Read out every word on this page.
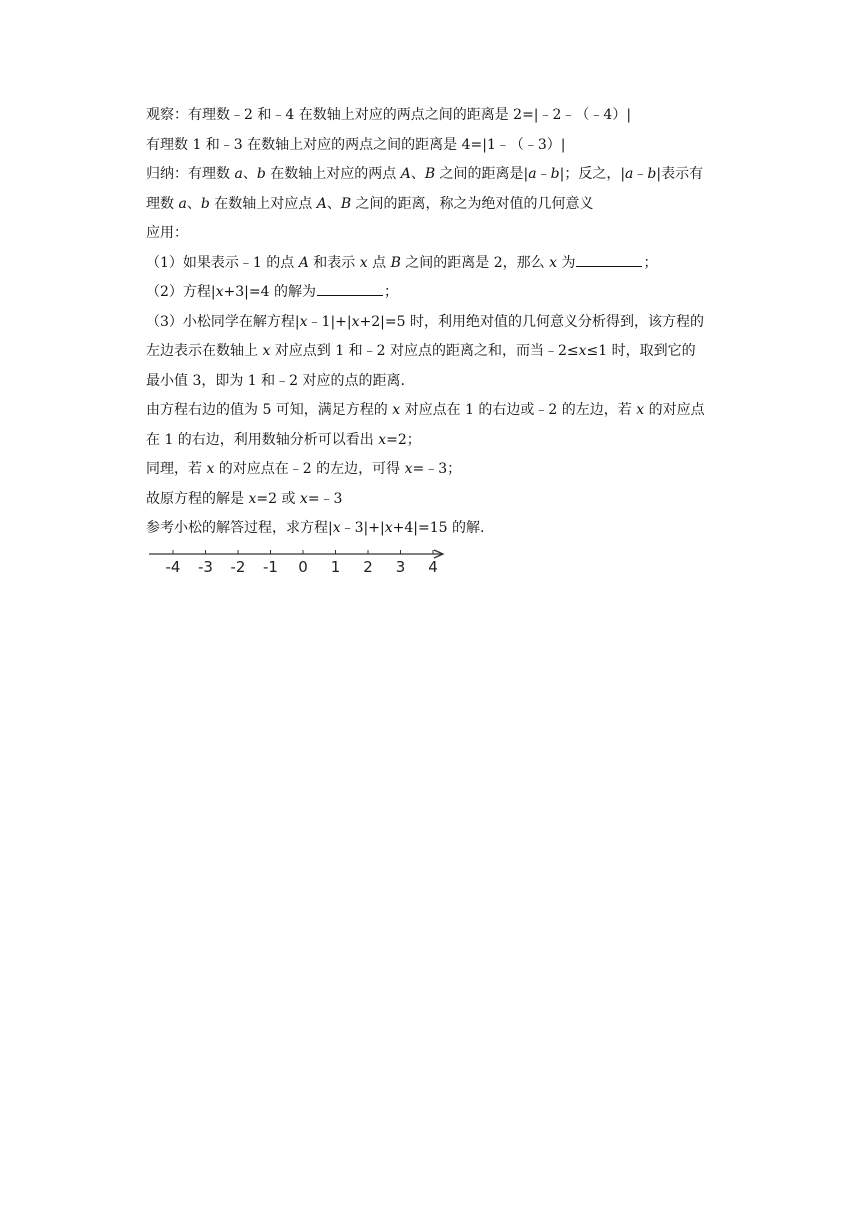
观察：有理数﹣2 和﹣4 在数轴上对应的两点之间的距离是 2=|﹣2﹣（﹣4）|
有理数 1 和﹣3 在数轴上对应的两点之间的距离是 4=|1﹣（﹣3）|
归纳：有理数 a、b 在数轴上对应的两点 A、B 之间的距离是|a﹣b|；反之，|a﹣b|表示有
理数 a、b 在数轴上对应点 A、B 之间的距离，称之为绝对值的几何意义
应用：
（1）如果表示﹣1 的点 A 和表示 x 点 B 之间的距离是 2，那么 x 为	；
（2）方程|x+3|=4 的解为	；
（3）小松同学在解方程|x﹣1|+|x+2|=5 时，利用绝对值的几何意义分析得到，该方程的
左边表示在数轴上 x 对应点到 1 和﹣2 对应点的距离之和，而当﹣2≤x≤1 时，取到它的
最小值 3，即为 1 和﹣2 对应的点的距离.
由方程右边的值为 5 可知，满足方程的 x 对应点在 1 的右边或﹣2 的左边，若 x 的对应点
在 1 的右边，利用数轴分析可以看出 x=2；
同理，若 x 的对应点在﹣2 的左边，可得 x=﹣3；
故原方程的解是 x=2 或 x=﹣3
参考小松的解答过程，求方程|x﹣3|+|x+4|=15 的解.
-4 -3 -2 -1 0 1 2 3 4
